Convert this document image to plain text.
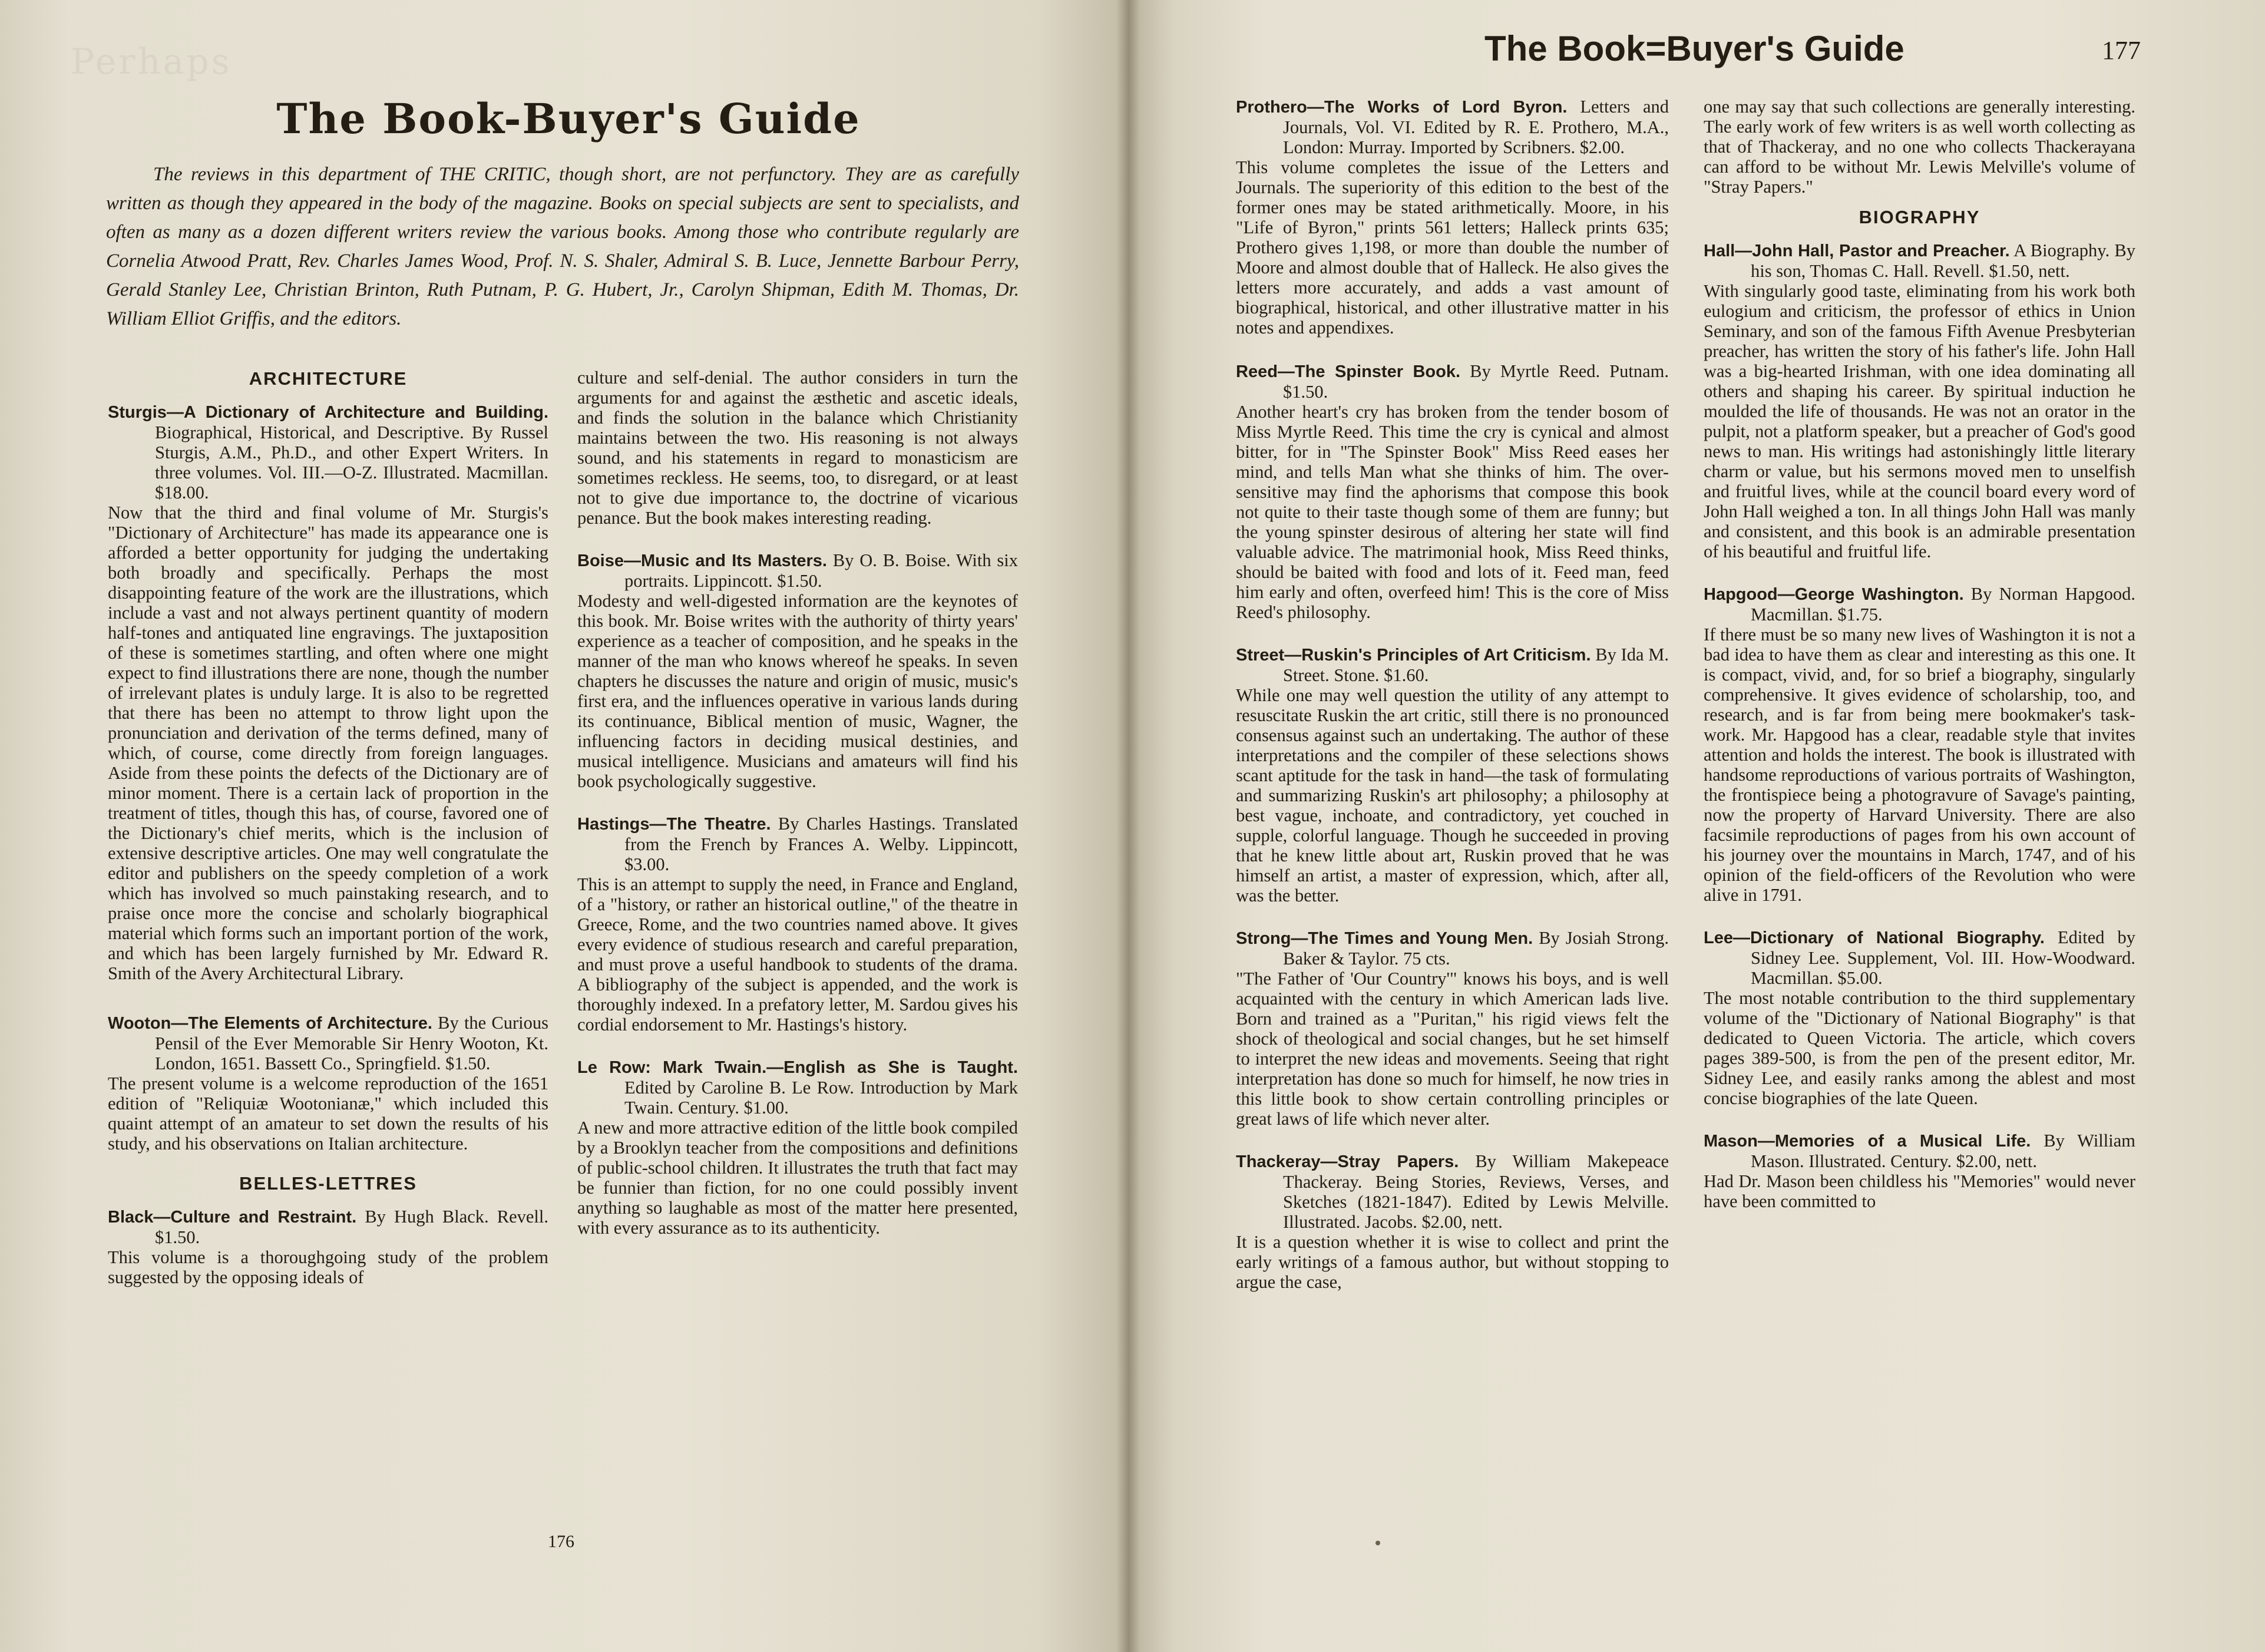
Perhaps
The Book-Buyer's Guide
The reviews in this department of THE CRITIC, though short, are not perfunctory. They are as carefully written as though they appeared in the body of the magazine. Books on special subjects are sent to specialists, and often as many as a dozen different writers review the various books. Among those who contribute regularly are Cornelia Atwood Pratt, Rev. Charles James Wood, Prof. N. S. Shaler, Admiral S. B. Luce, Jennette Barbour Perry, Gerald Stanley Lee, Christian Brinton, Ruth Putnam, P. G. Hubert, Jr., Carolyn Shipman, Edith M. Thomas, Dr. William Elliot Griffis, and the editors.
ARCHITECTURE

Sturgis—A Dictionary of Architecture and Building. Biographical, Historical, and Descriptive. By Russel Sturgis, A.M., Ph.D., and other Expert Writers. In three volumes. Vol. III.—O-Z. Illustrated. Macmillan. $18.00.

Now that the third and final volume of Mr. Sturgis's "Dictionary of Architecture" has made its appearance one is afforded a better opportunity for judging the undertaking both broadly and specifically. Perhaps the most disappointing feature of the work are the illustrations, which include a vast and not always pertinent quantity of modern half-tones and antiquated line engravings. The juxtaposition of these is sometimes startling, and often where one might expect to find illustrations there are none, though the number of irrelevant plates is unduly large. It is also to be regretted that there has been no attempt to throw light upon the pronunciation and derivation of the terms defined, many of which, of course, come directly from foreign languages. Aside from these points the defects of the Dictionary are of minor moment. There is a certain lack of proportion in the treatment of titles, though this has, of course, favored one of the Dictionary's chief merits, which is the inclusion of extensive descriptive articles. One may well congratulate the editor and publishers on the speedy completion of a work which has involved so much painstaking research, and to praise once more the concise and scholarly biographical material which forms such an important portion of the work, and which has been largely furnished by Mr. Edward R. Smith of the Avery Architectural Library.

Wooton—The Elements of Architecture. By the Curious Pensil of the Ever Memorable Sir Henry Wooton, Kt. London, 1651. Bassett Co., Springfield. $1.50.

The present volume is a welcome reproduction of the 1651 edition of "Reliquiæ Wootonianæ," which included this quaint attempt of an amateur to set down the results of his study, and his observations on Italian architecture.

BELLES-LETTRES

Black—Culture and Restraint. By Hugh Black. Revell. $1.50.

This volume is a thoroughgoing study of the problem suggested by the opposing ideals of

culture and self-denial. The author considers in turn the arguments for and against the æsthetic and ascetic ideals, and finds the solution in the balance which Christianity maintains between the two. His reasoning is not always sound, and his statements in regard to monasticism are sometimes reckless. He seems, too, to disregard, or at least not to give due importance to, the doctrine of vicarious penance. But the book makes interesting reading.

Boise—Music and Its Masters. By O. B. Boise. With six portraits. Lippincott. $1.50.

Modesty and well-digested information are the keynotes of this book. Mr. Boise writes with the authority of thirty years' experience as a teacher of composition, and he speaks in the manner of the man who knows whereof he speaks. In seven chapters he discusses the nature and origin of music, music's first era, and the influences operative in various lands during its continuance, Biblical mention of music, Wagner, the influencing factors in deciding musical destinies, and musical intelligence. Musicians and amateurs will find his book psychologically suggestive.

Hastings—The Theatre. By Charles Hastings. Translated from the French by Frances A. Welby. Lippincott, $3.00.

This is an attempt to supply the need, in France and England, of a "history, or rather an historical outline," of the theatre in Greece, Rome, and the two countries named above. It gives every evidence of studious research and careful preparation, and must prove a useful handbook to students of the drama. A bibliography of the subject is appended, and the work is thoroughly indexed. In a prefatory letter, M. Sardou gives his cordial endorsement to Mr. Hastings's history.

Le Row: Mark Twain.—English as She is Taught. Edited by Caroline B. Le Row. Introduction by Mark Twain. Century. $1.00.

A new and more attractive edition of the little book compiled by a Brooklyn teacher from the compositions and definitions of public-school children. It illustrates the truth that fact may be funnier than fiction, for no one could possibly invent anything so laughable as most of the matter here presented, with every assurance as to its authenticity.

176
The Book=Buyer's Guide	177

Prothero—The Works of Lord Byron. Letters and Journals, Vol. VI. Edited by R. E. Prothero, M.A., London: Murray. Imported by Scribners. $2.00.

This volume completes the issue of the Letters and Journals. The superiority of this edition to the best of the former ones may be stated arithmetically. Moore, in his "Life of Byron," prints 561 letters; Halleck prints 635; Prothero gives 1,198, or more than double the number of Moore and almost double that of Halleck. He also gives the letters more accurately, and adds a vast amount of biographical, historical, and other illustrative matter in his notes and appendixes.

Reed—The Spinster Book. By Myrtle Reed. Putnam. $1.50.

Another heart's cry has broken from the tender bosom of Miss Myrtle Reed. This time the cry is cynical and almost bitter, for in "The Spinster Book" Miss Reed eases her mind, and tells Man what she thinks of him. The over-sensitive may find the aphorisms that compose this book not quite to their taste though some of them are funny; but the young spinster desirous of altering her state will find valuable advice. The matrimonial hook, Miss Reed thinks, should be baited with food and lots of it. Feed man, feed him early and often, overfeed him! This is the core of Miss Reed's philosophy.

Street—Ruskin's Principles of Art Criticism. By Ida M. Street. Stone. $1.60.

While one may well question the utility of any attempt to resuscitate Ruskin the art critic, still there is no pronounced consensus against such an undertaking. The author of these interpretations and the compiler of these selections shows scant aptitude for the task in hand—the task of formulating and summarizing Ruskin's art philosophy; a philosophy at best vague, inchoate, and contradictory, yet couched in supple, colorful language. Though he succeeded in proving that he knew little about art, Ruskin proved that he was himself an artist, a master of expression, which, after all, was the better.

Strong—The Times and Young Men. By Josiah Strong. Baker & Taylor. 75 cts.

"The Father of 'Our Country'" knows his boys, and is well acquainted with the century in which American lads live. Born and trained as a "Puritan," his rigid views felt the shock of theological and social changes, but he set himself to interpret the new ideas and movements. Seeing that right interpretation has done so much for himself, he now tries in this little book to show certain controlling principles or great laws of life which never alter.

Thackeray—Stray Papers. By William Makepeace Thackeray. Being Stories, Reviews, Verses, and Sketches (1821-1847). Edited by Lewis Melville. Illustrated. Jacobs. $2.00, nett.

It is a question whether it is wise to collect and print the early writings of a famous author, but without stopping to argue the case,

one may say that such collections are generally interesting. The early work of few writers is as well worth collecting as that of Thackeray, and no one who collects Thackerayana can afford to be without Mr. Lewis Melville's volume of "Stray Papers."

BIOGRAPHY

Hall—John Hall, Pastor and Preacher. A Biography. By his son, Thomas C. Hall. Revell. $1.50, nett.

With singularly good taste, eliminating from his work both eulogium and criticism, the professor of ethics in Union Seminary, and son of the famous Fifth Avenue Presbyterian preacher, has written the story of his father's life. John Hall was a big-hearted Irishman, with one idea dominating all others and shaping his career. By spiritual induction he moulded the life of thousands. He was not an orator in the pulpit, not a platform speaker, but a preacher of God's good news to man. His writings had astonishingly little literary charm or value, but his sermons moved men to unselfish and fruitful lives, while at the council board every word of John Hall weighed a ton. In all things John Hall was manly and consistent, and this book is an admirable presentation of his beautiful and fruitful life.

Hapgood—George Washington. By Norman Hapgood. Macmillan. $1.75.

If there must be so many new lives of Washington it is not a bad idea to have them as clear and interesting as this one. It is compact, vivid, and, for so brief a biography, singularly comprehensive. It gives evidence of scholarship, too, and research, and is far from being mere bookmaker's task-work. Mr. Hapgood has a clear, readable style that invites attention and holds the interest. The book is illustrated with handsome reproductions of various portraits of Washington, the frontispiece being a photogravure of Savage's painting, now the property of Harvard University. There are also facsimile reproductions of pages from his own account of his journey over the mountains in March, 1747, and of his opinion of the field-officers of the Revolution who were alive in 1791.

Lee—Dictionary of National Biography. Edited by Sidney Lee. Supplement, Vol. III. How-Woodward. Macmillan. $5.00.

The most notable contribution to the third supplementary volume of the "Dictionary of National Biography" is that dedicated to Queen Victoria. The article, which covers pages 389-500, is from the pen of the present editor, Mr. Sidney Lee, and easily ranks among the ablest and most concise biographies of the late Queen.

Mason—Memories of a Musical Life. By William Mason. Illustrated. Century. $2.00, nett.

Had Dr. Mason been childless his "Memories" would never have been committed to
